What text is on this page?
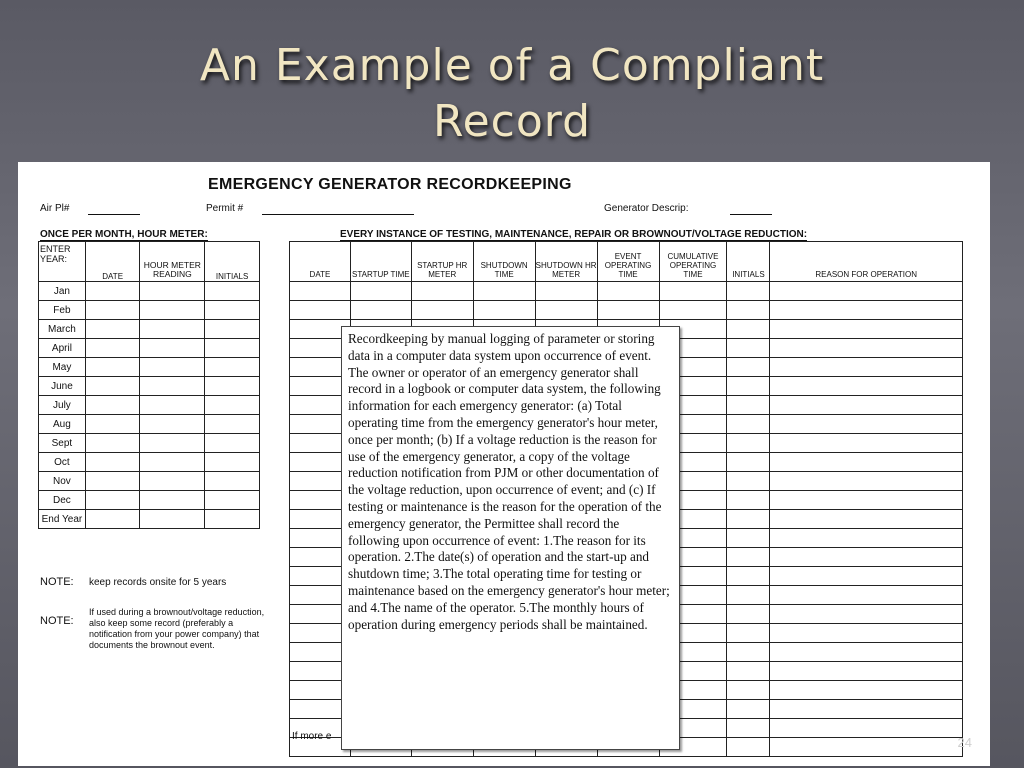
An Example of a Compliant
Record
EMERGENCY GENERATOR RECORDKEEPING
Air Pl#	Permit #	Generator Descrip:
ONCE PER MONTH, HOUR METER:	EVERY INSTANCE OF TESTING, MAINTENANCE, REPAIR OR BROWNOUT/VOLTAGE REDUCTION:
ENTER YEAR:	DATE	HOUR METER READING	INITIALS
Jan			
Feb			
March			
April			
May			
June			
July			
Aug			
Sept			
Oct			
Nov			
Dec			
End Year			
DATE	STARTUP TIME	STARTUP HR METER	SHUTDOWN TIME	SHUTDOWN HR METER	EVENT OPERATING TIME	CUMULATIVE OPERATING TIME	INITIALS	REASON FOR OPERATION

NOTE: keep records onsite for 5 years
NOTE:
If used during a brownout/voltage reduction, also keep some record (preferably a notification from your power company) that documents the brownout event.
If more e
Recordkeeping by manual logging of parameter or storing data in a computer data system upon occurrence of event. The owner or operator of an emergency generator shall record in a logbook or computer data system, the following information for each emergency generator: (a) Total operating time from the emergency generator's hour meter, once per month; (b) If a voltage reduction is the reason for use of the emergency generator, a copy of the voltage reduction notification from PJM or other documentation of the voltage reduction, upon occurrence of event; and (c) If testing or maintenance is the reason for the operation of the emergency generator, the Permittee shall record the following upon occurrence of event: 1.The reason for its operation. 2.The date(s) of operation and the start-up and shutdown time; 3.The total operating time for testing or maintenance based on the emergency generator's hour meter; and 4.The name of the operator. 5.The monthly hours of operation during emergency periods shall be maintained.
24
